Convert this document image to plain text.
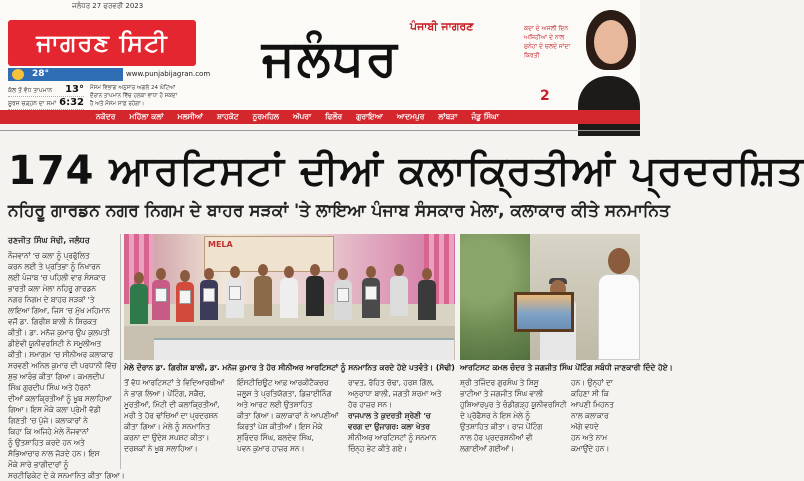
ਜਲੰਧਰ 27 ਫਰਵਰੀ 2023
ਜਾਗਰਣ ਸਿਟੀ
28°	www.punjabijagran.com
ਕੱਲ ਤੋਂ ਵੱਧ ਤਾਪਮਾਨ 13°
ਸੂਰਜ ਚੜ੍ਹਨ ਦਾ ਸਮਾਂ 6:32
ਮੌਸਮ ਵਿਭਾਗ ਅਨੁਸਾਰ ਅਗਲੇ 24 ਘੰਟਿਆਂ
ਦੌਰਾਨ ਤਾਪਮਾਨ ਵਿੱਚ ਹਲਕਾ ਵਾਧਾ ਹੋ ਸਕਦਾ
ਹੈ ਅਤੇ ਮੌਸਮ ਸਾਫ਼ ਰਹੇਗਾ।
ਪੰਜਾਬੀ ਜਾਗਰਣ
ਜਲੰਧਰ
2
ਕਦਾ ਦੇ ਅਸਲੀ ਦਿਨ
ਅਜਿਹੀਆਂ ਦੇ ਨਾਲ
ਸੁਨੇਹਾ ਦੇ ਚਲਦੇ ਜਾਂਦਾ
ਕਿਰਤੀ
ਨਕੋਦਰ ਮਹਿੱਲਾ ਕਲਾਂ ਮਲਸੀਆਂ ਸ਼ਾਹਕੋਟ ਨੂਰਮਹਿਲ ਅੱਪਰਾ ਫਿਲੌਰ ਗੁਰਾਇਆ ਆਦਮਪੁਰ ਲਾਂਬੜਾ ਜੰਡੂ ਸਿੰਘਾ
174 ਆਰਟਿਸਟਾਂ ਦੀਆਂ ਕਲਾਕ੍ਰਿਤੀਆਂ ਪ੍ਰਦਰਸ਼ਿਤ
ਨਹਿਰੂ ਗਾਰਡਨ ਨਗਰ ਨਿਗਮ ਦੇ ਬਾਹਰ ਸੜਕਾਂ 'ਤੇ ਲਾਇਆ ਪੰਜਾਬ ਸੰਸਕਾਰ ਮੇਲਾ, ਕਲਾਕਾਰ ਕੀਤੇ ਸਨਮਾਨਿਤ
ਰਣਜੀਤ ਸਿੰਘ ਸੋਢੀ, ਜਲੰਧਰ

ਨੌਜਵਾਨਾਂ 'ਚ ਕਲਾ ਨੂੰ ਪ੍ਰਫੁੱਲਿਤ

ਕਰਨ ਲਈ ਤੇ ਪ੍ਰਤਿਭਾ ਨੂੰ ਨਿਖਾਰਨ

ਲਈ ਪੰਜਾਬ 'ਚ ਪਹਿਲੀ ਵਾਰ ਸੰਸਕਾਰ

ਭਾਰਤੀ ਕਲਾ ਮੇਲਾ ਨਹਿਰੂ ਗਾਰਡਨ

ਨਗਰ ਨਿਗਮ ਦੇ ਬਾਹਰ ਸੜਕਾਂ 'ਤੇ

ਲਾਇਆ ਗਿਆ, ਜਿਸ 'ਚ ਮੁੱਖ ਮਹਿਮਾਨ

ਵਜੋਂ ਡਾ. ਗਿਰੀਸ਼ ਬਾਲੀ ਨੇ ਸ਼ਿਰਕਤ

ਕੀਤੀ। ਡਾ. ਮਨੋਜ ਕੁਮਾਰ ਉਪ ਕੁਲਪਤੀ

ਡੀਏਵੀ ਯੂਨੀਵਰਸਿਟੀ ਨੇ ਸਮੂਲੀਅਤ

ਕੀਤੀ। ਸਮਾਗਮ 'ਚ ਸੀਨੀਅਰ ਕਲਾਕਾਰ

ਸਰਵਣੀ ਅਨਿਲ ਕੁਮਾਰ ਦੀ ਪਰਧਾਨੀ ਵਿੱਚ

ਸ਼ੁਭ ਆਰੰਭ ਕੀਤਾ ਗਿਆ। ਕਮਲਦੀਪ

ਸਿੰਘ ਗੁਰਦੀਪ ਸਿੰਘ ਅਤੇ ਹੋਰਨਾਂ

ਦੀਆਂ ਕਲਾਕ੍ਰਿਤੀਆਂ ਨੂੰ ਖੂਬ ਸਲਾਹਿਆ

ਗਿਆ। ਇਸ ਮੌਕੇ ਕਲਾ ਪ੍ਰੇਮੀ ਵੱਡੀ

ਗਿਣਤੀ 'ਚ ਪੁੱਜੇ। ਕਲਾਕਾਰਾਂ ਨੇ

ਕਿਹਾ ਕਿ ਅਜਿਹੇ ਮੇਲੇ ਨੌਜਵਾਨਾਂ

ਨੂੰ ਉਤਸ਼ਾਹਿਤ ਕਰਦੇ ਹਨ ਅਤੇ

ਸੱਭਿਆਚਾਰ ਨਾਲ ਜੋੜਦੇ ਹਨ। ਇਸ

ਮੌਕੇ ਸਾਰੇ ਭਾਗੀਦਾਰਾਂ ਨੂੰ

ਸਰਟੀਫਿਕੇਟ ਦੇ ਕੇ ਸਨਮਾਨਿਤ ਕੀਤਾ ਗਿਆ।

MELA
ਮੇਲੇ ਦੌਰਾਨ ਡਾ. ਗਿਰੀਸ਼ ਬਾਲੀ, ਡਾ. ਮਨੋਜ ਕੁਮਾਰ ਤੇ ਹੋਰ ਸੀਨੀਅਰ ਆਰਟਿਸਟਾਂ ਨੂੰ ਸਨਮਾਨਿਤ ਕਰਦੇ ਹੋਏ ਪਤਵੰਤੇ। (ਸੋਢੀ) ਆਰਟਿਸਟ ਕਮਲ ਚੰਦਰ ਤੇ ਜਗਜੀਤ ਸਿੰਘ ਪੇਂਟਿੰਗ ਸਬੰਧੀ ਜਾਣਕਾਰੀ ਦਿੰਦੇ ਹੋਏ।

ਤੋਂ ਵੱਧ ਆਰਟਿਸਟਾਂ ਤੇ ਵਿਦਿਆਰਥੀਆਂ

ਨੇ ਭਾਗ ਲਿਆ। ਪੇਂਟਿੰਗ, ਸਕੈਚ,

ਮੂਰਤੀਆਂ, ਮਿੱਟੀ ਦੀ ਕਲਾਕ੍ਰਿਤੀਆਂ,

ਮਰੀ ਤੇ ਹੋਰ ਢਾਂਚਿਆਂ ਦਾ ਪ੍ਰਦਰਸ਼ਨ

ਕੀਤਾ ਗਿਆ। ਮੇਲੇ ਨੂੰ ਸਨਮਾਨਿਤ

ਕਰਨਾ ਦਾ ਉਦੇਸ਼ ਸਪਸ਼ਟ ਕੀਤਾ।

ਦਰਸ਼ਕਾਂ ਨੇ ਖੂਬ ਸਲਾਹਿਆ।

ਇੰਸਟੀਚਿਊਟ ਆਫ਼ ਆਰਕੀਟੈਕਚਰ

ਜਲੂਸ ਤੇ ਪ੍ਰਤਿਯੋਗਤਾ, ਡਿਜ਼ਾਈਨਿੰਗ

ਅਤੇ ਆਰਟ ਲਈ ਉਤਸ਼ਾਹਿਤ

ਕੀਤਾ ਗਿਆ। ਕਲਾਕਾਰਾਂ ਨੇ ਆਪਣੀਆਂ

ਕਿਰਤਾਂ ਪੇਸ਼ ਕੀਤੀਆਂ। ਇਸ ਮੌਕੇ

ਸੁਰਿੰਦਰ ਸਿੰਘ, ਬਲਦੇਵ ਸਿੰਘ,

ਪਵਨ ਕੁਮਾਰ ਹਾਜ਼ਰ ਸਨ।

ਰਾਵਤ, ਰੋਹਿਤ ਚੱਢਾ, ਹਰਸ਼ ਗਿੱਲ,

ਅਨੁਰਾਧਾ ਬਾਲੀ, ਜਗਤੀ ਸ਼ਰਮਾ ਅਤੇ

ਹੋਰ ਹਾਜ਼ਰ ਸਨ।

ਰਾਜਪਾਲ ਤੇ ਕੁਦਰਤੀ ਸ਼੍ਰੇਣੀ 'ਚ

ਵਰਗ ਦਾ ਉਜਾਗਰ: ਕਲਾ ਖੇਤਰ

ਸੀਨੀਅਰ ਆਰਟਿਸਟਾਂ ਨੂੰ ਸਨਮਾਨ

ਚਿੰਨ੍ਹ ਭੇਟ ਕੀਤੇ ਗਏ।

ਸ਼੍ਰੀ ਤਜਿੰਦਰ ਗੁਰਸੰਘ ਤੇ ਸ਼ਿਸੂ

ਭਾਟੀਆ ਤੇ ਜਗਜੀਤ ਸਿੰਘ ਵਾਲੀ

ਹੁਸ਼ਿਆਰਪੁਰ ਤੇ ਚੰਡੀਗੜ੍ਹ ਯੂਨੀਵਰਸਿਟੀ

ਦੇ ਪ੍ਰੋਫੈਸਰ ਨੇ ਇਸ ਮੇਲੇ ਨੂੰ

ਉਤਸ਼ਾਹਿਤ ਕੀਤਾ। ਰਾਜ ਪੇਂਟਿੰਗ

ਨਾਲ ਹੋਰ ਪ੍ਰਦਰਸ਼ਨੀਆਂ ਵੀ

ਲਗਾਈਆਂ ਗਈਆਂ।

ਹਨ। ਉਨ੍ਹਾਂ ਦਾ

ਕਹਿਣਾ ਸੀ ਕਿ

ਆਪਣੀ ਮਿਹਨਤ

ਨਾਲ ਕਲਾਕਾਰ

ਅੱਗੇ ਵਧਦੇ

ਹਨ ਅਤੇ ਨਾਮ

ਕਮਾਉਂਦੇ ਹਨ।
